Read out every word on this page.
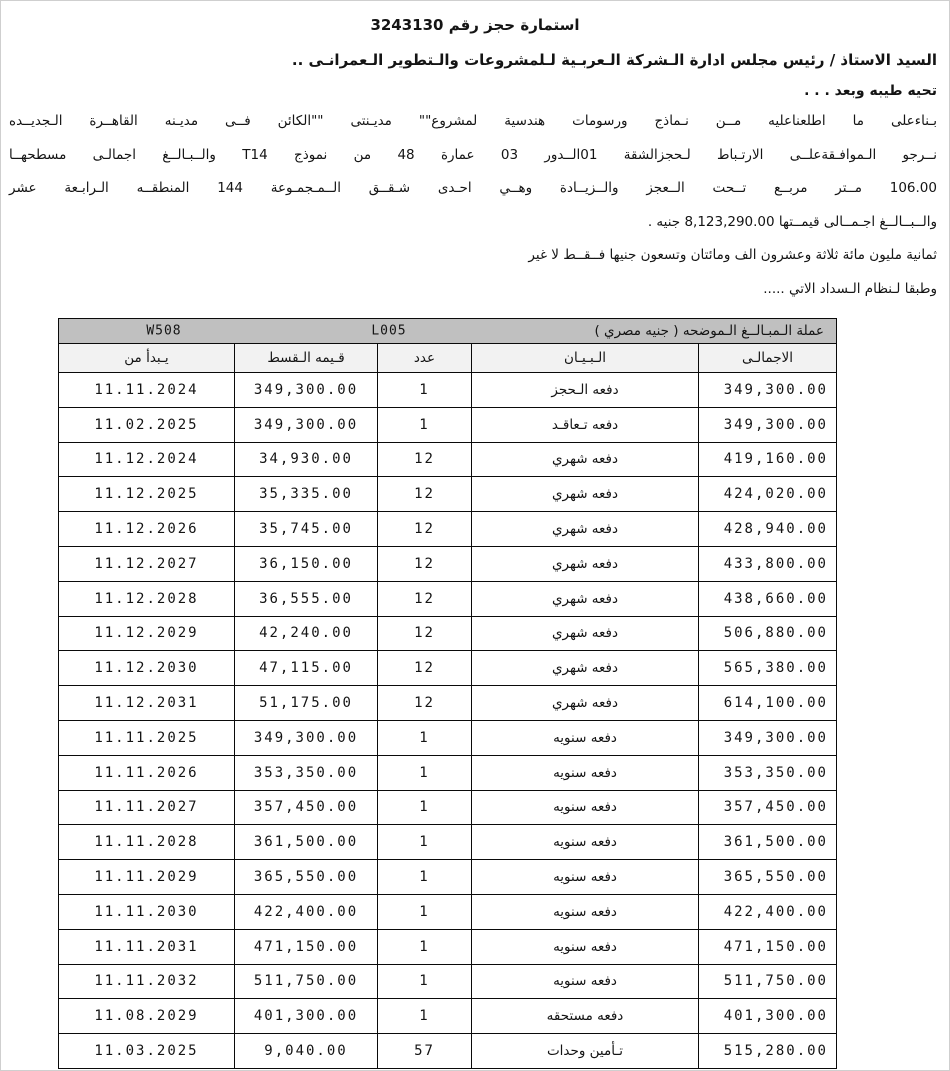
استمارة حجز رقم 3243130
السيد الاستاذ / رئيس مجلس ادارة الـشركة الـعربـية لـلمشروعات والـتطوير الـعمرانـى ..
تحيه طيبه وبعد . . .
بـناءعلى ما اطلعناعليه مــن نـماذج ورسومات هندسية لمشروع"" مديـنتى ""الكائن فــى مديـنه القاهــرة الـجديــده
نــرجو الـموافـقةعلــى الارتـباط لـحجزالشقة 01الــدور 03 عمارة 48 من نموذج T14 والــبـالــغ اجمالـى مسطحهــا
106.00 مــتر مربــع تــحت الــعجز والــزيــادة وهــي احـدى شـقــق الــمـجمـوعة 144 المنطقــه الـرابـعة عشر
والــبــالــغ اجـمــالى قيمــتها 8,123,290.00 جنيه .
ثمانية مليون مائة ثلاثة وعشرون الف ومائتان وتسعون جنيها فــقــط لا غير
وطبقا لـنظام الـسداد الاتي .....
W508 L005 عملة الـمبـالــغ الـموضحه ( جنيه مصري )				

الاجمالـى	الـبـيـان	عدد	قـيمه الـقسط	يـبدأ من
349,300.00	دفعه الـحجز	1	349,300.00	11.11.2024
349,300.00	دفعه تـعاقـد	1	349,300.00	11.02.2025
419,160.00	دفعه شهري	12	34,930.00	11.12.2024
424,020.00	دفعه شهري	12	35,335.00	11.12.2025
428,940.00	دفعه شهري	12	35,745.00	11.12.2026
433,800.00	دفعه شهري	12	36,150.00	11.12.2027
438,660.00	دفعه شهري	12	36,555.00	11.12.2028
506,880.00	دفعه شهري	12	42,240.00	11.12.2029
565,380.00	دفعه شهري	12	47,115.00	11.12.2030
614,100.00	دفعه شهري	12	51,175.00	11.12.2031
349,300.00	دفعه سنويه	1	349,300.00	11.11.2025
353,350.00	دفعه سنويه	1	353,350.00	11.11.2026
357,450.00	دفعه سنويه	1	357,450.00	11.11.2027
361,500.00	دفعه سنويه	1	361,500.00	11.11.2028
365,550.00	دفعه سنويه	1	365,550.00	11.11.2029
422,400.00	دفعه سنويه	1	422,400.00	11.11.2030
471,150.00	دفعه سنويه	1	471,150.00	11.11.2031
511,750.00	دفعه سنويه	1	511,750.00	11.11.2032
401,300.00	دفعه مستحقه	1	401,300.00	11.08.2029
515,280.00	تـأمين وحدات	57	9,040.00	11.03.2025
